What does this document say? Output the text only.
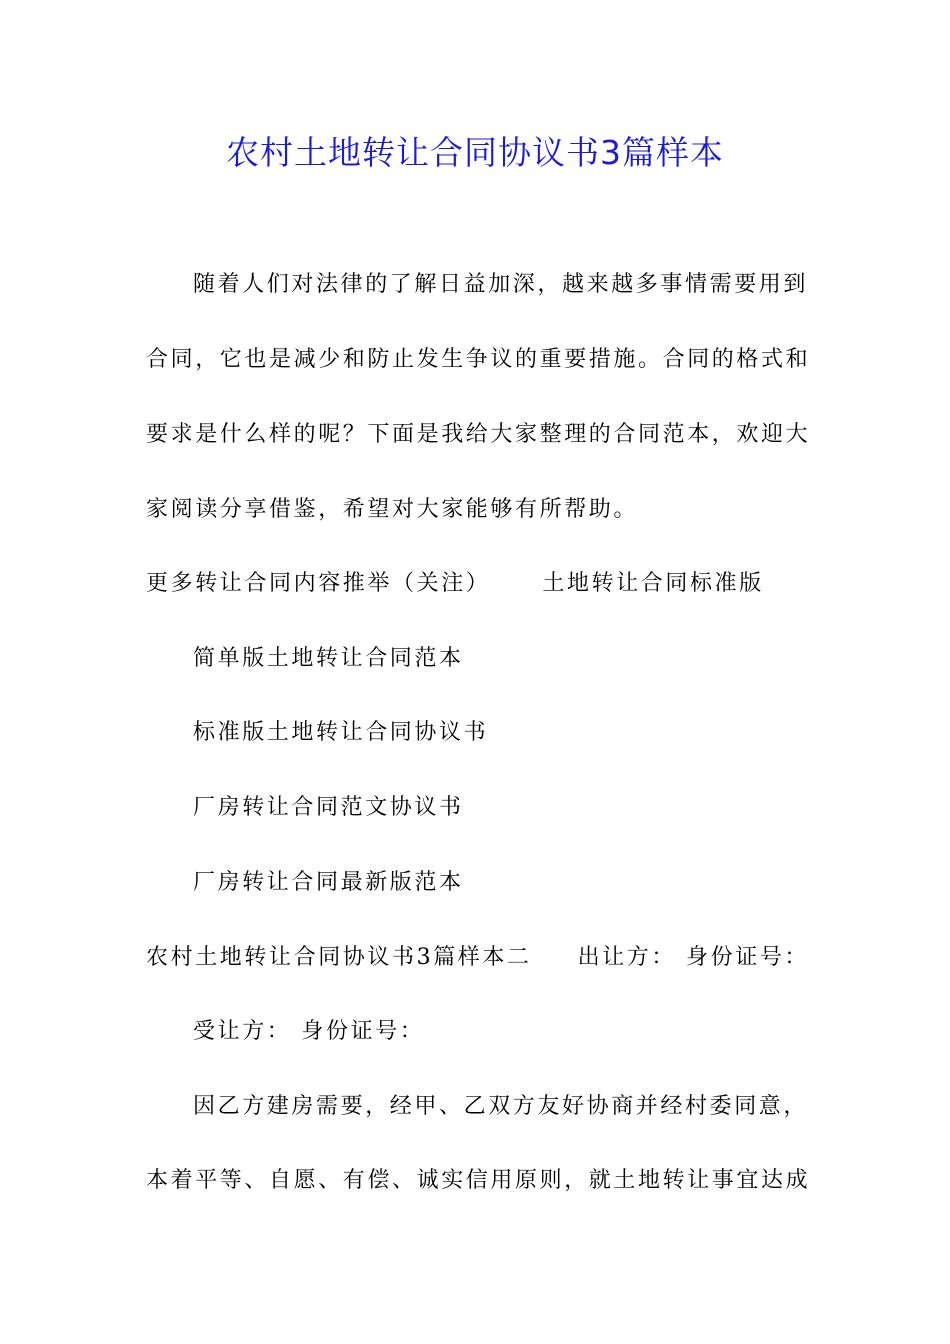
农村土地转让合同协议书3篇样本
随着人们对法律的了解日益加深，越来越多事情需要用到
合同，它也是减少和防止发生争议的重要措施。合同的格式和
要求是什么样的呢？下面是我给大家整理的合同范本，欢迎大
家阅读分享借鉴，希望对大家能够有所帮助。
更多转让合同内容推举（关注） 土地转让合同标准版
简单版土地转让合同范本
标准版土地转让合同协议书
厂房转让合同范文协议书
厂房转让合同最新版范本
农村土地转让合同协议书3篇样本二 出让方： 身份证号：
受让方： 身份证号：
因乙方建房需要，经甲、乙双方友好协商并经村委同意，
本着平等、自愿、有偿、诚实信用原则，就土地转让事宜达成
